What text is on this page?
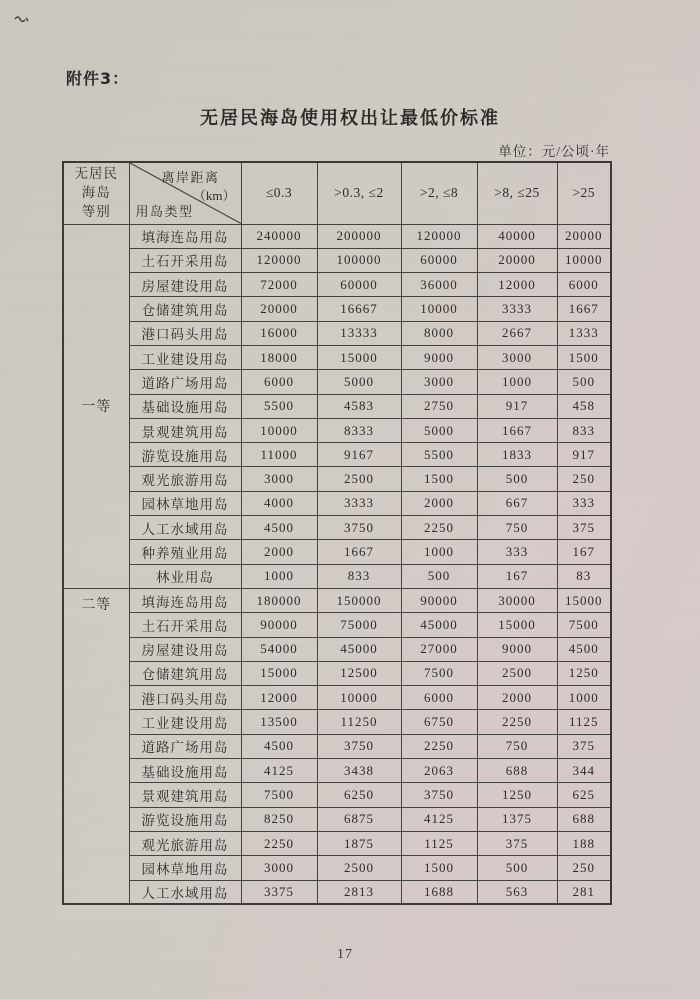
附件3：
无居民海岛使用权出让最低价标准
单位：元/公顷·年
无居民
海岛
等别	离岸距离
（km）
用岛类型	≤0.3	>0.3, ≤2	>2, ≤8	>8, ≤25	>25
一等	填海连岛用岛	240000	200000	120000	40000	20000
	土石开采用岛	120000	100000	60000	20000	10000
	房屋建设用岛	72000	60000	36000	12000	6000
	仓储建筑用岛	20000	16667	10000	3333	1667
	港口码头用岛	16000	13333	8000	2667	1333
	工业建设用岛	18000	15000	9000	3000	1500
	道路广场用岛	6000	5000	3000	1000	500
	基础设施用岛	5500	4583	2750	917	458
	景观建筑用岛	10000	8333	5000	1667	833
	游览设施用岛	11000	9167	5500	1833	917
	观光旅游用岛	3000	2500	1500	500	250
	园林草地用岛	4000	3333	2000	667	333
	人工水域用岛	4500	3750	2250	750	375
	种养殖业用岛	2000	1667	1000	333	167
	林业用岛	1000	833	500	167	83
二等	填海连岛用岛	180000	150000	90000	30000	15000
	土石开采用岛	90000	75000	45000	15000	7500
	房屋建设用岛	54000	45000	27000	9000	4500
	仓储建筑用岛	15000	12500	7500	2500	1250
	港口码头用岛	12000	10000	6000	2000	1000
	工业建设用岛	13500	11250	6750	2250	1125
	道路广场用岛	4500	3750	2250	750	375
	基础设施用岛	4125	3438	2063	688	344
	景观建筑用岛	7500	6250	3750	1250	625
	游览设施用岛	8250	6875	4125	1375	688
	观光旅游用岛	2250	1875	1125	375	188
	园林草地用岛	3000	2500	1500	500	250
	人工水域用岛	3375	2813	1688	563	281
17
